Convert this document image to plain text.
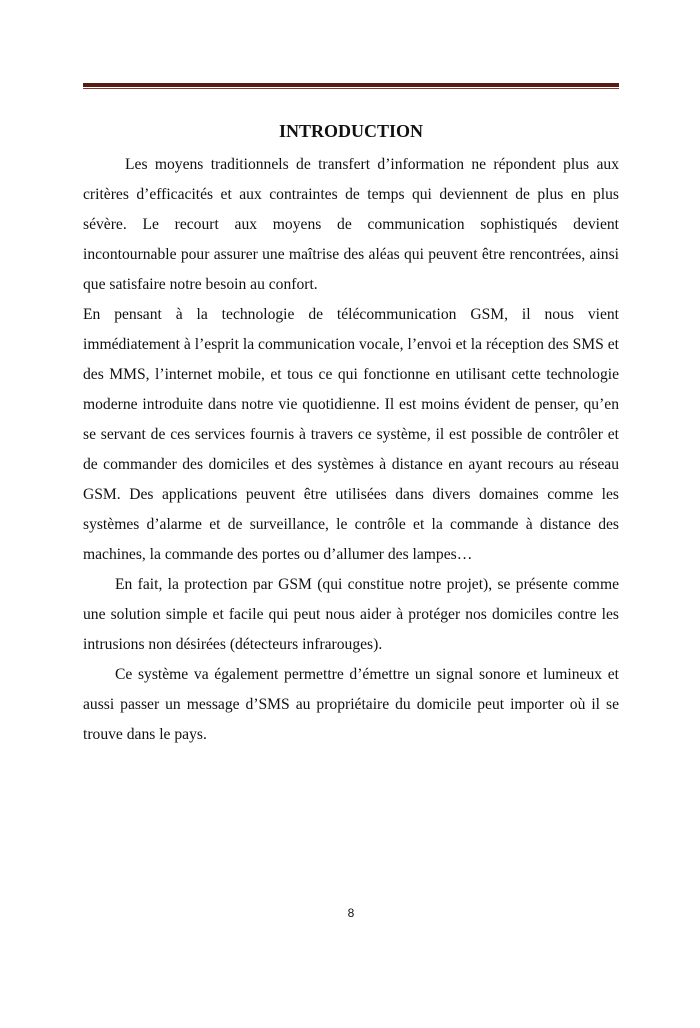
INTRODUCTION

Les moyens traditionnels de transfert d’information ne répondent plus aux critères d’efficacités et aux contraintes de temps qui deviennent de plus en plus sévère. Le recourt aux moyens de communication sophistiqués devient incontournable pour assurer une maîtrise des aléas qui peuvent être rencontrées, ainsi que satisfaire notre besoin au confort.

En pensant à la technologie de télécommunication GSM, il nous vient immédiatement à l’esprit la communication vocale, l’envoi et la réception des SMS et des MMS, l’internet mobile, et tous ce qui fonctionne en utilisant cette technologie moderne introduite dans notre vie quotidienne. Il est moins évident de penser, qu’en se servant de ces services fournis à travers ce système, il est possible de contrôler et de commander des domiciles et des systèmes à distance en ayant recours au réseau GSM. Des applications peuvent être utilisées dans divers domaines comme les systèmes d’alarme et de surveillance, le contrôle et la commande à distance des machines, la commande des portes ou d’allumer des lampes…

En fait, la protection par GSM (qui constitue notre projet), se présente comme une solution simple et facile qui peut nous aider à protéger nos domiciles contre les intrusions non désirées (détecteurs infrarouges).

Ce système va également permettre d’émettre un signal sonore et lumineux et aussi passer un message d’SMS au propriétaire du domicile peut importer où il se trouve dans le pays.

8
